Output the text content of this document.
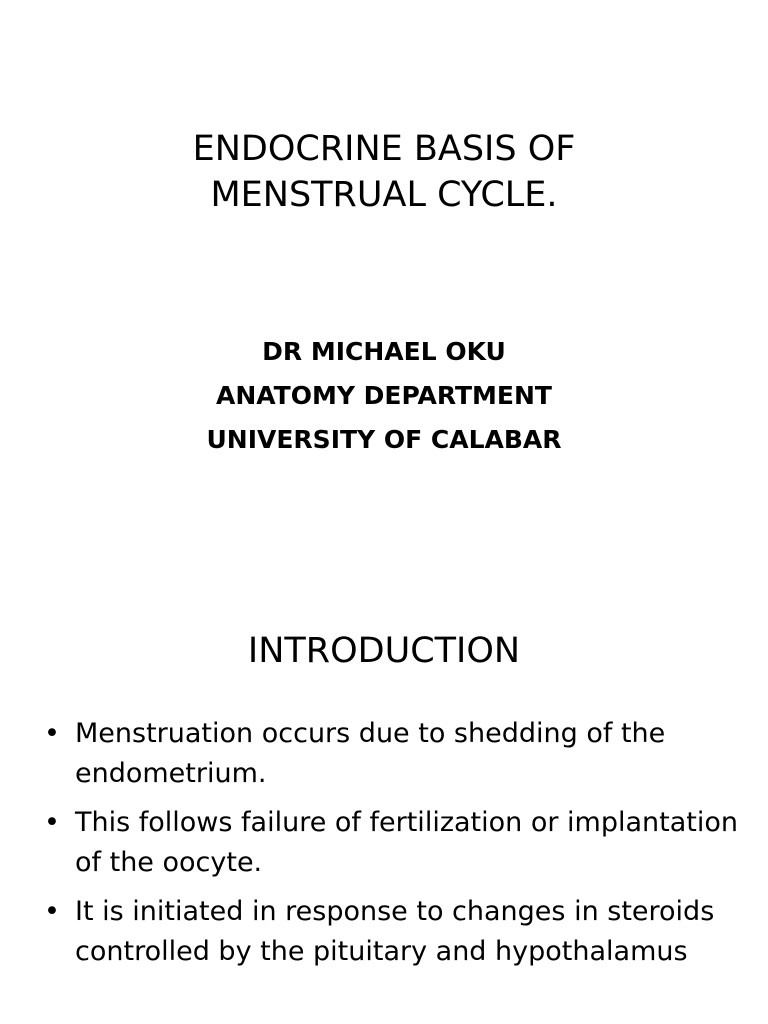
ENDOCRINE BASIS OF
MENSTRUAL CYCLE.
DR MICHAEL OKU
ANATOMY DEPARTMENT
UNIVERSITY OF CALABAR
INTRODUCTION
• Menstruation occurs due to shedding of the endometrium.
• This follows failure of fertilization or implantation of the oocyte.
• It is initiated in response to changes in steroids controlled by the pituitary and hypothalamus
